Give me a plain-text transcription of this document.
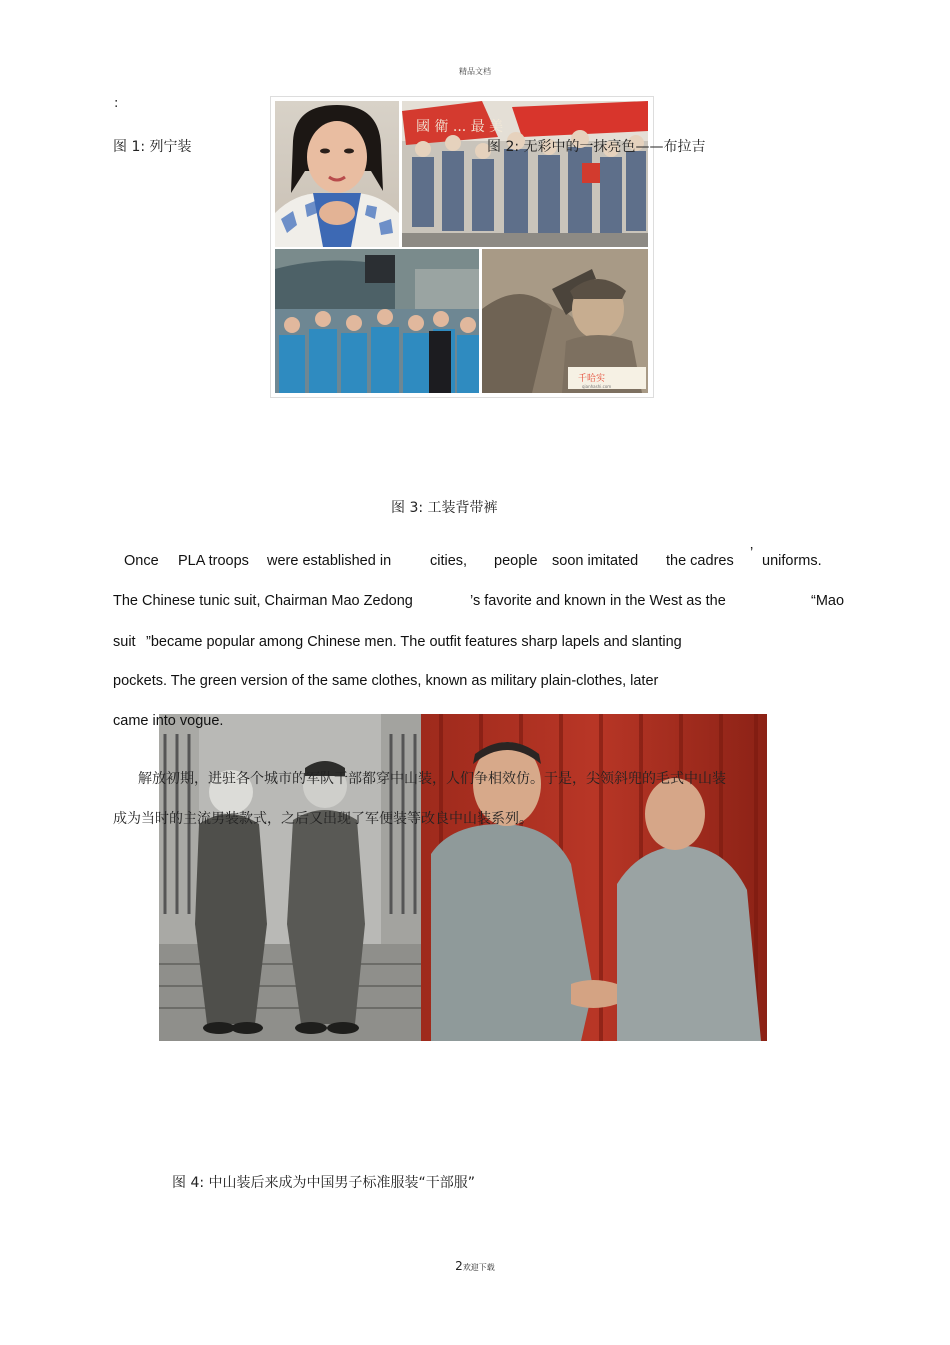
精品文档
:
國 衛 ... 最 美
千哈实
qianhashi.com
图 1: 列宁装	图 2: 无彩中的一抹亮色——布拉吉
图 3: 工装背带裤
Once PLA troops were established in	cities, people soon imitated the cadres ’ uniforms.
The Chinese tunic suit, Chairman Mao Zedong	’s favorite and known in the West as the	“Mao
suit ”became popular among Chinese men. The outfit features sharp lapels and slanting
pockets. The green version of the same clothes, known as military plain-clothes, later
came into vogue.
解放初期，进驻各个城市的军队干部都穿中山装，人们争相效仿。于是，尖领斜兜的毛式中山装
成为当时的主流男装款式，之后又出现了军便装等改良中山装系列。
图 4: 中山装后来成为中国男子标准服装“干部服”
2欢迎下载
